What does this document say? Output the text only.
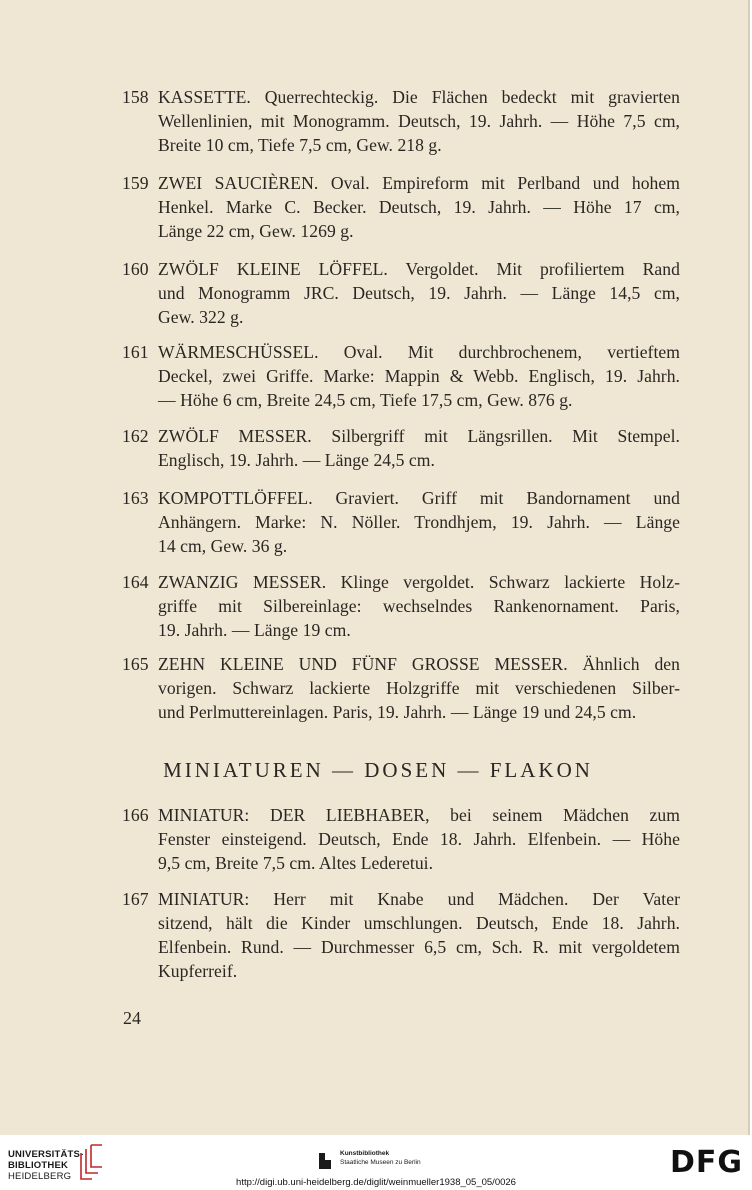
158 KASSETTE. Querrechteckig. Die Flächen bedeckt mit gravierten
Wellenlinien, mit Monogramm. Deutsch, 19. Jahrh. — Höhe 7,5 cm,
Breite 10 cm, Tiefe 7,5 cm, Gew. 218 g.
159 ZWEI SAUCIÈREN. Oval. Empireform mit Perlband und hohem
Henkel. Marke C. Becker. Deutsch, 19. Jahrh. — Höhe 17 cm,
Länge 22 cm, Gew. 1269 g.
160 ZWÖLF KLEINE LÖFFEL. Vergoldet. Mit profiliertem Rand
und Monogramm JRC. Deutsch, 19. Jahrh. — Länge 14,5 cm,
Gew. 322 g.
161 WÄRMESCHÜSSEL. Oval. Mit durchbrochenem, vertieftem
Deckel, zwei Griffe. Marke: Mappin & Webb. Englisch, 19. Jahrh.
— Höhe 6 cm, Breite 24,5 cm, Tiefe 17,5 cm, Gew. 876 g.
162 ZWÖLF MESSER. Silbergriff mit Längsrillen. Mit Stempel.
Englisch, 19. Jahrh. — Länge 24,5 cm.
163 KOMPOTTLÖFFEL. Graviert. Griff mit Bandornament und
Anhängern. Marke: N. Nöller. Trondhjem, 19. Jahrh. — Länge
14 cm, Gew. 36 g.
164 ZWANZIG MESSER. Klinge vergoldet. Schwarz lackierte Holz-
griffe mit Silbereinlage: wechselndes Rankenornament. Paris,
19. Jahrh. — Länge 19 cm.
165 ZEHN KLEINE UND FÜNF GROSSE MESSER. Ähnlich den
vorigen. Schwarz lackierte Holzgriffe mit verschiedenen Silber-
und Perlmuttereinlagen. Paris, 19. Jahrh. — Länge 19 und 24,5 cm.
166 MINIATUR: DER LIEBHABER, bei seinem Mädchen zum
Fenster einsteigend. Deutsch, Ende 18. Jahrh. Elfenbein. — Höhe
9,5 cm, Breite 7,5 cm. Altes Lederetui.
167 MINIATUR: Herr mit Knabe und Mädchen. Der Vater
sitzend, hält die Kinder umschlungen. Deutsch, Ende 18. Jahrh.
Elfenbein. Rund. — Durchmesser 6,5 cm, Sch. R. mit vergoldetem
Kupferreif.
MINIATUREN — DOSEN — FLAKON
24
UNIVERSITÄTS-
BIBLIOTHEK
HEIDELBERG
Kunstbibliothek
Staatliche Museen zu Berlin
http://digi.ub.uni-heidelberg.de/diglit/weinmueller1938_05_05/0026
DFG
